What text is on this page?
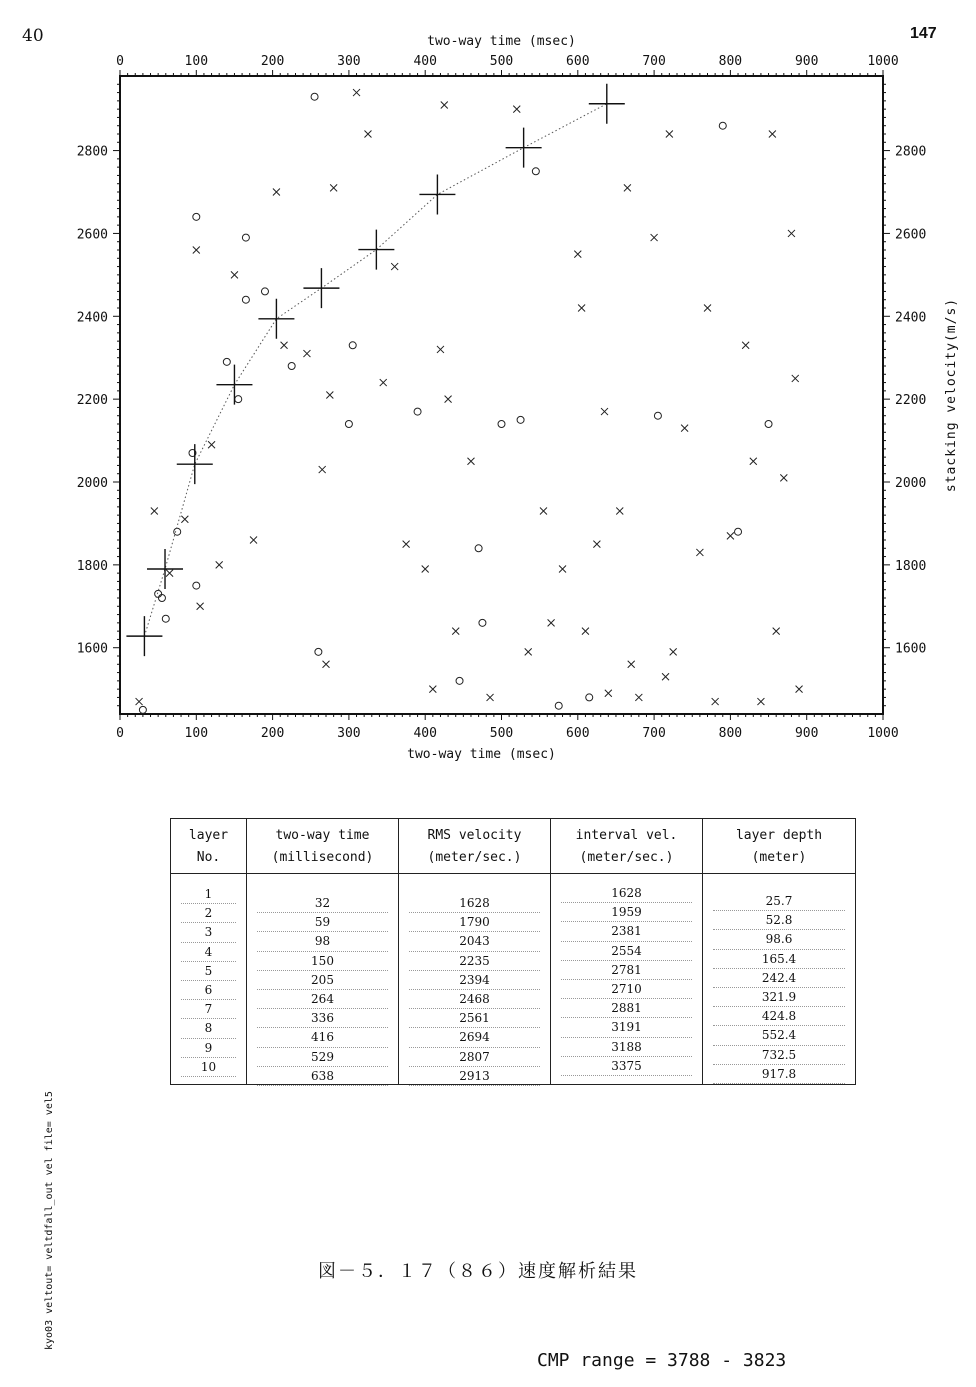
40	147
0
0
100
100
200
200
300
300
400
400
500
500
600
600
700
700
800
800
900
900
1000
1000
1600
1800
2000
2200
2400
2600
2800
1600
1800
2000
2200
2400
2600
2800
two-way time (msec)
two-way time (msec)
stacking velocity(m/s)
layer
No.
1
2
3
4
5
6
7
8
9
10
two-way time
(millisecond)
32
59
98
150
205
264
336
416
529
638
RMS velocity
(meter/sec.)
1628
1790
2043
2235
2394
2468
2561
2694
2807
2913
interval vel.
(meter/sec.)
1628
1959
2381
2554
2781
2710
2881
3191
3188
3375
layer depth
(meter)
25.7
52.8
98.6
165.4
242.4
321.9
424.8
552.4
732.5
917.8
kyo03 veltout= veltdfall_out vel file= vel5	図－５．１７（８６）速度解析結果
CMP range = 3788 - 3823
